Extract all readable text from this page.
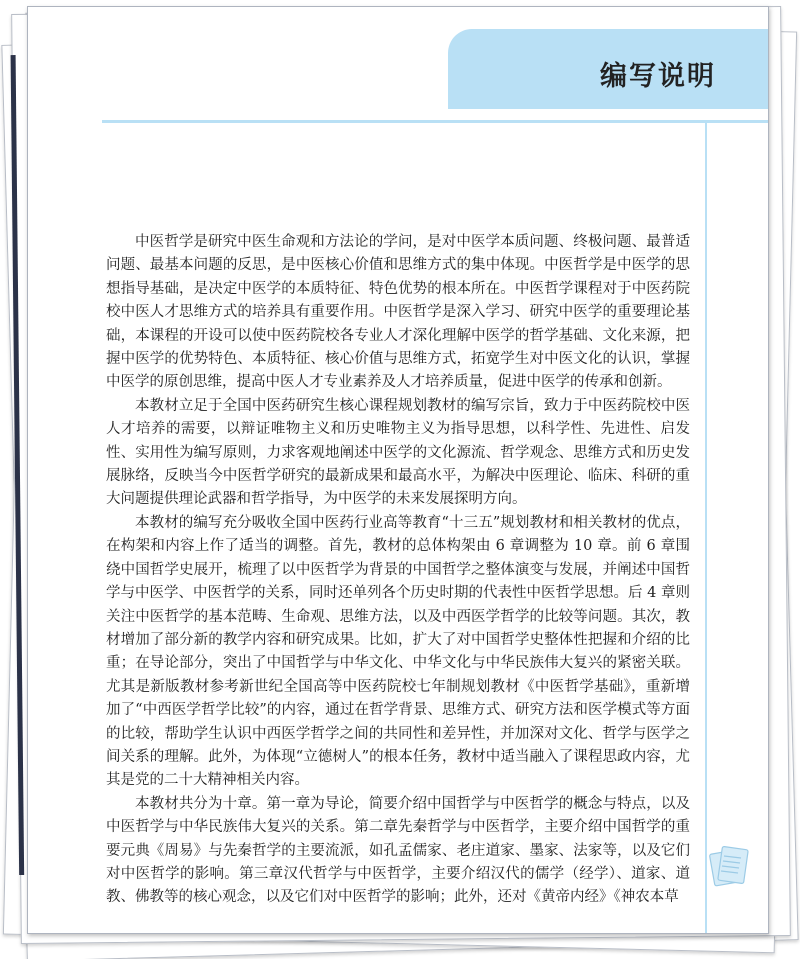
编写说明

中医哲学是研究中医生命观和方法论的学问，是对中医学本质问题、终极问题、最普适问题、最基本问题的反思，是中医核心价值和思维方式的集中体现。中医哲学是中医学的思想指导基础，是决定中医学的本质特征、特色优势的根本所在。中医哲学课程对于中医药院校中医人才思维方式的培养具有重要作用。中医哲学是深入学习、研究中医学的重要理论基础，本课程的开设可以使中医药院校各专业人才深化理解中医学的哲学基础、文化来源，把握中医学的优势特色、本质特征、核心价值与思维方式，拓宽学生对中医文化的认识，掌握中医学的原创思维，提高中医人才专业素养及人才培养质量，促进中医学的传承和创新。

本教材立足于全国中医药研究生核心课程规划教材的编写宗旨，致力于中医药院校中医人才培养的需要，以辩证唯物主义和历史唯物主义为指导思想，以科学性、先进性、启发性、实用性为编写原则，力求客观地阐述中医学的文化源流、哲学观念、思维方式和历史发展脉络，反映当今中医哲学研究的最新成果和最高水平，为解决中医理论、临床、科研的重大问题提供理论武器和哲学指导，为中医学的未来发展探明方向。

本教材的编写充分吸收全国中医药行业高等教育“十三五”规划教材和相关教材的优点，在构架和内容上作了适当的调整。首先，教材的总体构架由 6 章调整为 10 章。前 6 章围绕中国哲学史展开，梳理了以中医哲学为背景的中国哲学之整体演变与发展，并阐述中国哲学与中医学、中医哲学的关系，同时还单列各个历史时期的代表性中医哲学思想。后 4 章则关注中医哲学的基本范畴、生命观、思维方法，以及中西医学哲学的比较等问题。其次，教材增加了部分新的教学内容和研究成果。比如，扩大了对中国哲学史整体性把握和介绍的比重；在导论部分，突出了中国哲学与中华文化、中华文化与中华民族伟大复兴的紧密关联。尤其是新版教材参考新世纪全国高等中医药院校七年制规划教材《中医哲学基础》，重新增加了“中西医学哲学比较”的内容，通过在哲学背景、思维方式、研究方法和医学模式等方面的比较，帮助学生认识中西医学哲学之间的共同性和差异性，并加深对文化、哲学与医学之间关系的理解。此外，为体现“立德树人”的根本任务，教材中适当融入了课程思政内容，尤其是党的二十大精神相关内容。

本教材共分为十章。第一章为导论，简要介绍中国哲学与中医哲学的概念与特点，以及中医哲学与中华民族伟大复兴的关系。第二章先秦哲学与中医哲学，主要介绍中国哲学的重要元典《周易》与先秦哲学的主要流派，如孔孟儒家、老庄道家、墨家、法家等，以及它们对中医哲学的影响。第三章汉代哲学与中医哲学，主要介绍汉代的儒学（经学）、道家、道教、佛教等的核心观念，以及它们对中医哲学的影响；此外，还对《黄帝内经》《神农本草
